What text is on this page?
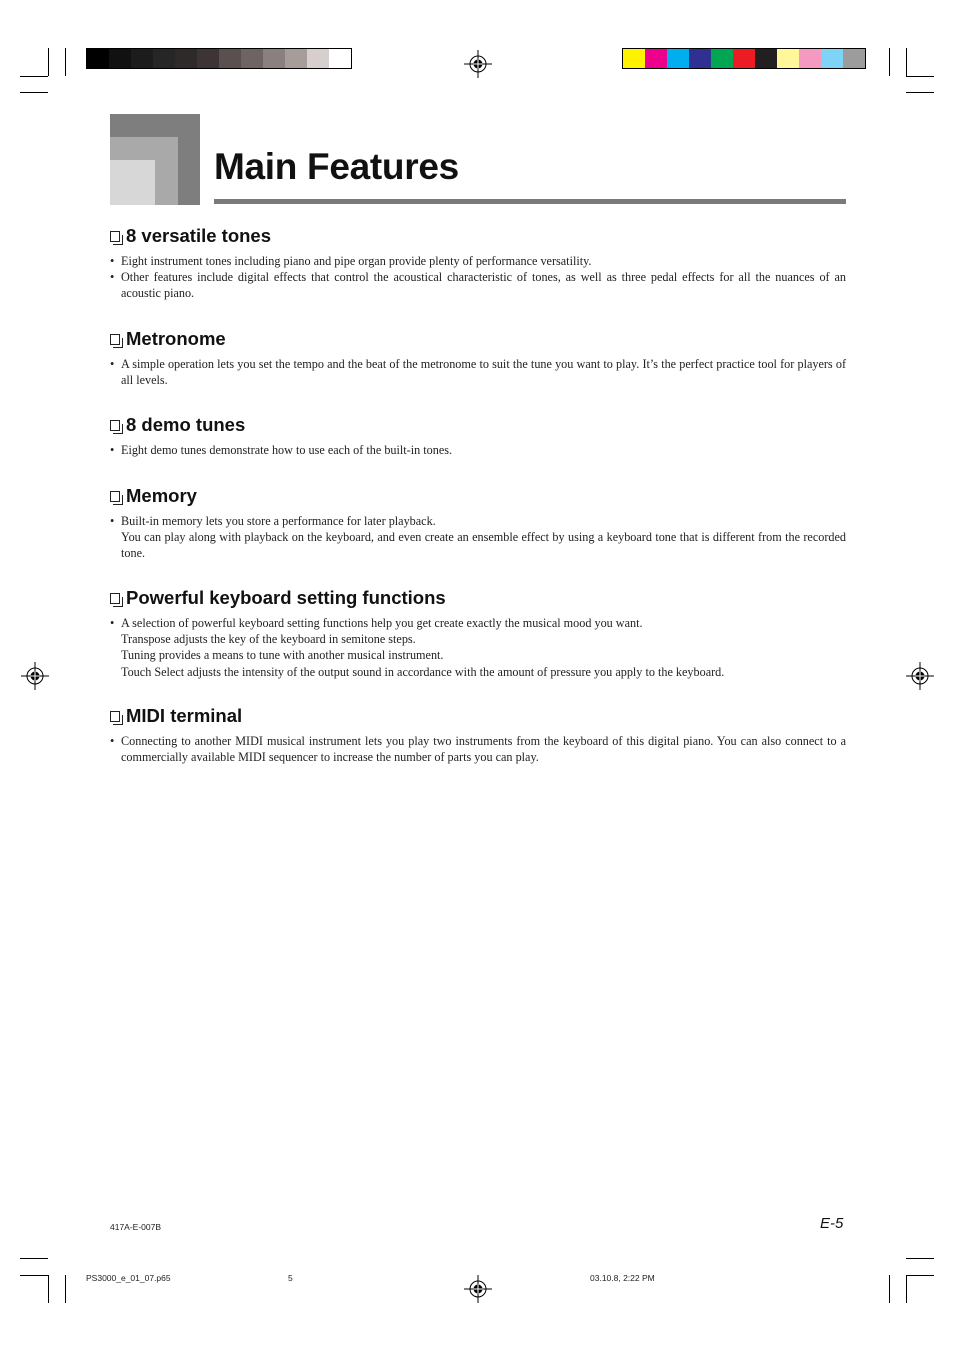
Main Features
8 versatile tones
• Eight instrument tones including piano and pipe organ provide plenty of performance versatility.
• Other features include digital effects that control the acoustical characteristic of tones, as well as three pedal effects for all the nuances of an acoustic piano.
Metronome
• A simple operation lets you set the tempo and the beat of the metronome to suit the tune you want to play. It’s the perfect practice tool for players of all levels.
8 demo tunes
• Eight demo tunes demonstrate how to use each of the built-in tones.
Memory
• Built-in memory lets you store a performance for later playback.
You can play along with playback on the keyboard, and even create an ensemble effect by using a keyboard tone that is different from the recorded tone.
Powerful keyboard setting functions
• A selection of powerful keyboard setting functions help you get create exactly the musical mood you want.
Transpose adjusts the key of the keyboard in semitone steps.
Tuning provides a means to tune with another musical instrument.
Touch Select adjusts the intensity of the output sound in accordance with the amount of pressure you apply to the keyboard.
MIDI terminal
• Connecting to another MIDI musical instrument lets you play two instruments from the keyboard of this digital piano. You can also connect to a commercially available MIDI sequencer to increase the number of parts you can play.
417A-E-007B	E-5
PS3000_e_01_07.p65	5	03.10.8, 2:22 PM
